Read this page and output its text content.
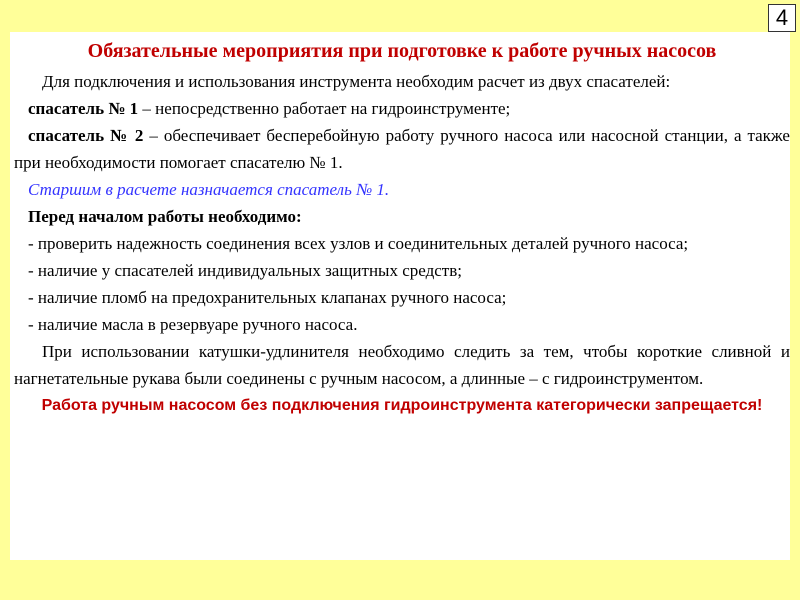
4
Обязательные мероприятия при подготовке к работе ручных насосов

Для подключения и использования инструмента необходим расчет из двух спасателей:

спасатель № 1 – непосредственно работает на гидроинструменте;

спасатель № 2 – обеспечивает бесперебойную работу ручного насоса или насосной станции, а также при необходимости помогает спасателю № 1.

Старшим в расчете назначается спасатель № 1.

Перед началом работы необходимо:

- проверить надежность соединения всех узлов и соединительных деталей ручного насоса;

- наличие у спасателей индивидуальных защитных средств;

- наличие пломб на предохранительных клапанах ручного насоса;

- наличие масла в резервуаре ручного насоса.

При использовании катушки-удлинителя необходимо следить за тем, чтобы короткие сливной и нагнетательные рукава были соединены с ручным насосом, а длинные – с гидроинструментом.

Работа ручным насосом без подключения гидроинструмента категорически запрещается!
